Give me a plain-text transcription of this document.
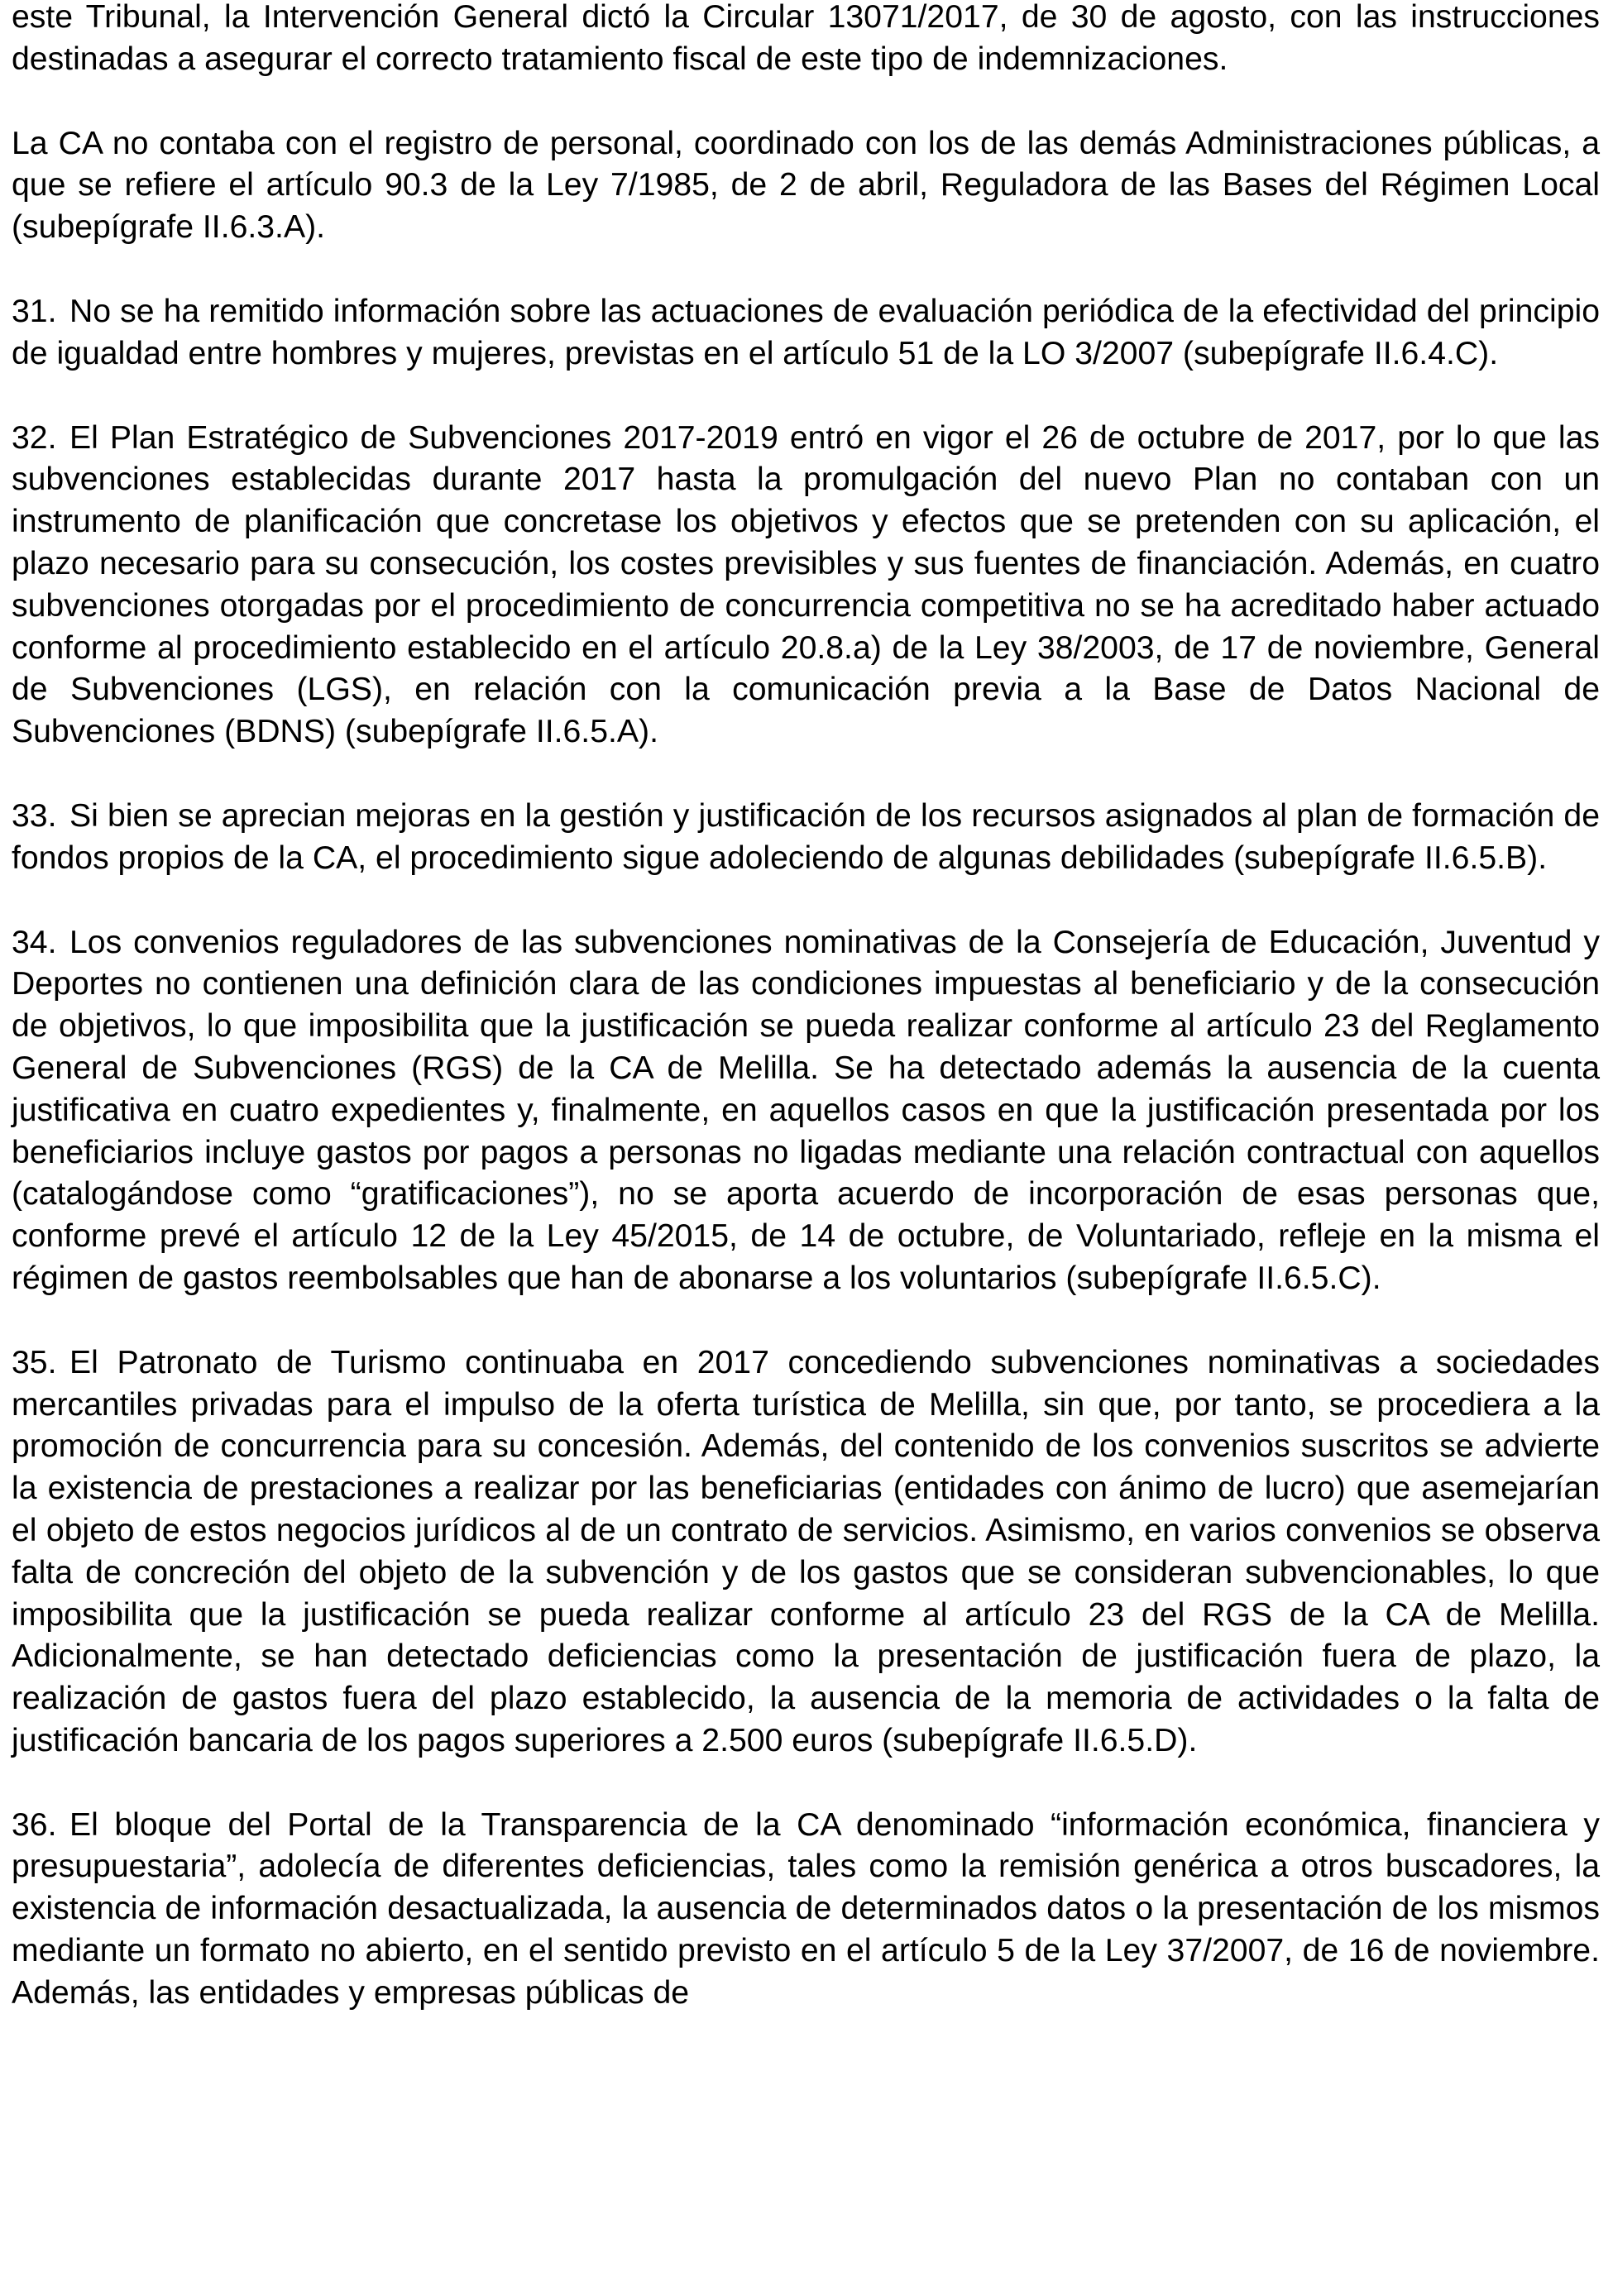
este Tribunal, la Intervención General dictó la Circular 13071/2017, de 30 de agosto, con las instrucciones destinadas a asegurar el correcto tratamiento fiscal de este tipo de indemnizaciones.

La CA no contaba con el registro de personal, coordinado con los de las demás Administraciones públicas, a que se refiere el artículo 90.3 de la Ley 7/1985, de 2 de abril, Reguladora de las Bases del Régimen Local (subepígrafe II.6.3.A).

31. No se ha remitido información sobre las actuaciones de evaluación periódica de la efectividad del principio de igualdad entre hombres y mujeres, previstas en el artículo 51 de la LO 3/2007 (subepígrafe II.6.4.C).

32. El Plan Estratégico de Subvenciones 2017-2019 entró en vigor el 26 de octubre de 2017, por lo que las subvenciones establecidas durante 2017 hasta la promulgación del nuevo Plan no contaban con un instrumento de planificación que concretase los objetivos y efectos que se pretenden con su aplicación, el plazo necesario para su consecución, los costes previsibles y sus fuentes de financiación. Además, en cuatro subvenciones otorgadas por el procedimiento de concurrencia competitiva no se ha acreditado haber actuado conforme al procedimiento establecido en el artículo 20.8.a) de la Ley 38/2003, de 17 de noviembre, General de Subvenciones (LGS), en relación con la comunicación previa a la Base de Datos Nacional de Subvenciones (BDNS) (subepígrafe II.6.5.A).

33. Si bien se aprecian mejoras en la gestión y justificación de los recursos asignados al plan de formación de fondos propios de la CA, el procedimiento sigue adoleciendo de algunas debilidades (subepígrafe II.6.5.B).

34. Los convenios reguladores de las subvenciones nominativas de la Consejería de Educación, Juventud y Deportes no contienen una definición clara de las condiciones impuestas al beneficiario y de la consecución de objetivos, lo que imposibilita que la justificación se pueda realizar conforme al artículo 23 del Reglamento General de Subvenciones (RGS) de la CA de Melilla. Se ha detectado además la ausencia de la cuenta justificativa en cuatro expedientes y, finalmente, en aquellos casos en que la justificación presentada por los beneficiarios incluye gastos por pagos a personas no ligadas mediante una relación contractual con aquellos (catalogándose como “gratificaciones”), no se aporta acuerdo de incorporación de esas personas que, conforme prevé el artículo 12 de la Ley 45/2015, de 14 de octubre, de Voluntariado, refleje en la misma el régimen de gastos reembolsables que han de abonarse a los voluntarios (subepígrafe II.6.5.C).

35. El Patronato de Turismo continuaba en 2017 concediendo subvenciones nominativas a sociedades mercantiles privadas para el impulso de la oferta turística de Melilla, sin que, por tanto, se procediera a la promoción de concurrencia para su concesión. Además, del contenido de los convenios suscritos se advierte la existencia de prestaciones a realizar por las beneficiarias (entidades con ánimo de lucro) que asemejarían el objeto de estos negocios jurídicos al de un contrato de servicios. Asimismo, en varios convenios se observa falta de concreción del objeto de la subvención y de los gastos que se consideran subvencionables, lo que imposibilita que la justificación se pueda realizar conforme al artículo 23 del RGS de la CA de Melilla. Adicionalmente, se han detectado deficiencias como la presentación de justificación fuera de plazo, la realización de gastos fuera del plazo establecido, la ausencia de la memoria de actividades o la falta de justificación bancaria de los pagos superiores a 2.500 euros (subepígrafe II.6.5.D).

36. El bloque del Portal de la Transparencia de la CA denominado “información económica, financiera y presupuestaria”, adolecía de diferentes deficiencias, tales como la remisión genérica a otros buscadores, la existencia de información desactualizada, la ausencia de determinados datos o la presentación de los mismos mediante un formato no abierto, en el sentido previsto en el artículo 5 de la Ley 37/2007, de 16 de noviembre. Además, las entidades y empresas públicas de
